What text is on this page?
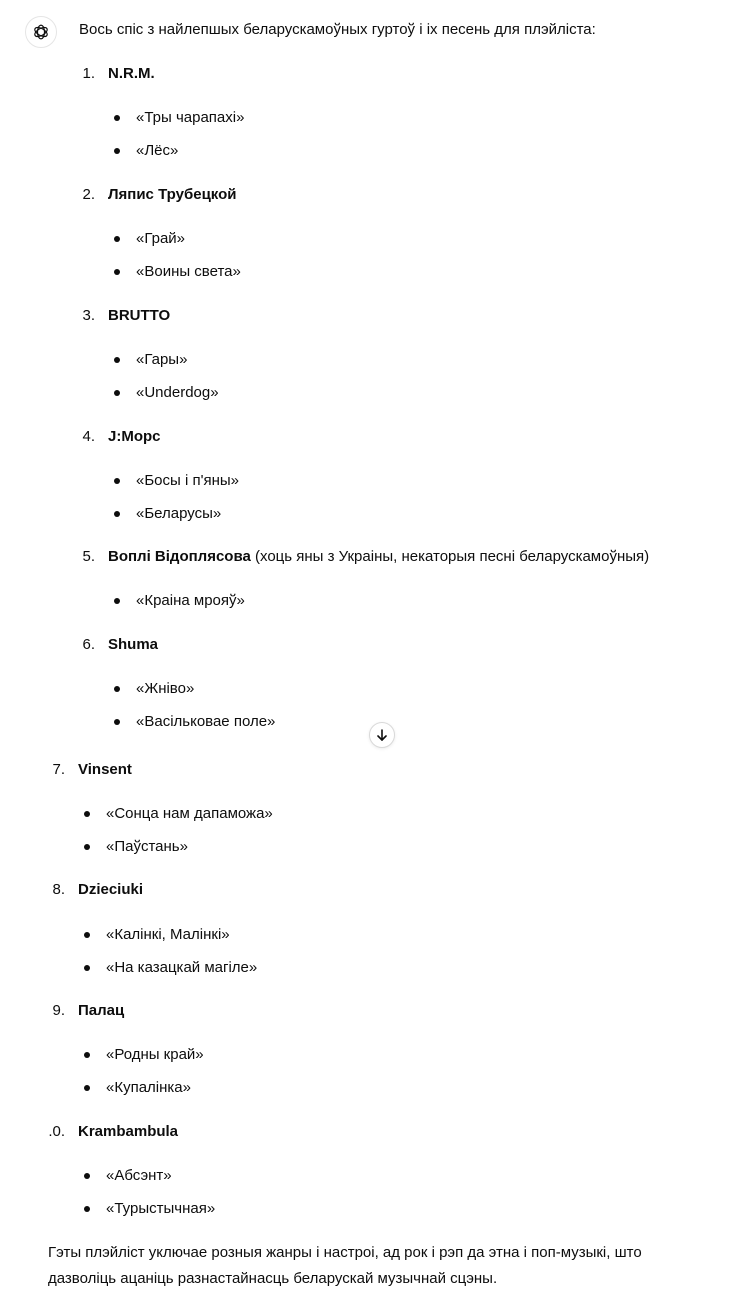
Вось спіс з найлепшых беларускамоўных гуртоў і іх песень для плэйліста:
1. N.R.M.
«Тры чарапахі»
«Лёс»
2. Ляпис Трубецкой
«Грай»
«Воины света»
3. BRUTTO
«Гары»
«Underdog»
4. J:Морс
«Босы і п'яны»
«Беларусы»
5. Воплі Відоплясова (хоць яны з Украіны, некаторыя песні беларускамоўныя)
«Краіна мрояў»
6. Shuma
«Жніво»
«Васільковае поле»
7. Vinsent
«Сонца нам дапаможа»
«Паўстань»
8. Dzieciuki
«Калінкі, Малінкі»
«На казацкай магіле»
9. Палац
«Родны край»
«Купалінка»
.0. Krambambula
«Абсэнт»
«Турыстычная»
Гэты плэйліст уключае розныя жанры і настроі, ад рок і рэп да этна і поп-музыкі, што дазволіць ацаніць разнастайнасць беларускай музычнай сцэны.
